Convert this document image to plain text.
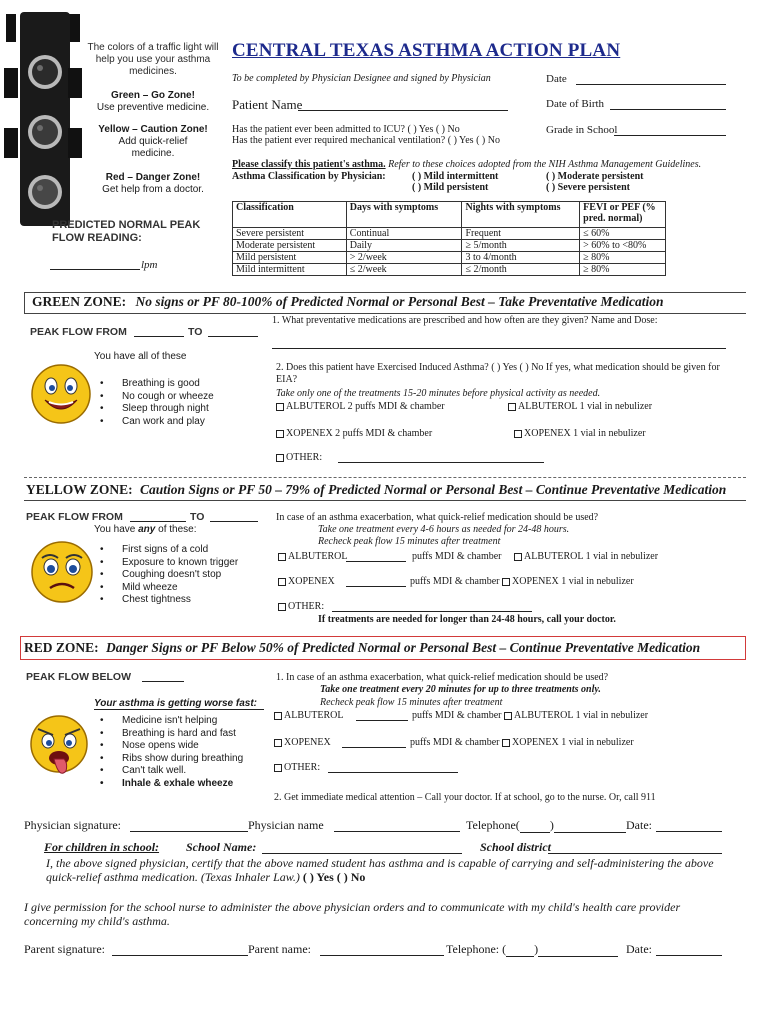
The colors of a traffic light will help you use your asthma medicines.
Green – Go Zone!
Use preventive medicine.
Yellow – Caution Zone!
Add quick-relief medicine.
Red – Danger Zone!
Get help from a doctor.
PREDICTED NORMAL PEAK FLOW READING:
lpm
CENTRAL TEXAS ASTHMA ACTION PLAN
To be completed by Physician Designee and signed by Physician	Date
Patient Name	Date of Birth
Has the patient ever been admitted to ICU? ( ) Yes ( ) No
Has the patient ever required mechanical ventilation? ( ) Yes ( ) No
Grade in School
Please classify this patient's asthma. Refer to these choices adopted from the NIH Asthma Management Guidelines.
Asthma Classification by Physician:	( ) Mild intermittent
( ) Mild persistent
( ) Moderate persistent
( ) Severe persistent
Classification	Days with symptoms	Nights with symptoms	FEVI or PEF (% pred. normal)
Severe persistent	Continual	Frequent	≤ 60%
Moderate persistent	Daily	≥ 5/month	> 60% to <80%
Mild persistent	> 2/week	3 to 4/month	≥ 80%
Mild intermittent	≤ 2/week	≤ 2/month	≥ 80%
GREEN ZONE: No signs or PF 80-100% of Predicted Normal or Personal Best – Take Preventative Medication
PEAK FLOW FROM	TO
1. What preventative medications are prescribed and how often are they given? Name and Dose:
You have all of these
• Breathing is good
• No cough or wheeze
• Sleep through night
• Can work and play
2. Does this patient have Exercised Induced Asthma? ( ) Yes ( ) No If yes, what medication should be given for EIA?
Take only one of the treatments 15-20 minutes before physical activity as needed.
ALBUTEROL 2 puffs MDI & chamber	ALBUTEROL 1 vial in nebulizer
XOPENEX 2 puffs MDI & chamber	XOPENEX 1 vial in nebulizer
OTHER:
YELLOW ZONE: Caution Signs or PF 50 – 79% of Predicted Normal or Personal Best – Continue Preventative Medication
PEAK FLOW FROM	TO
You have any of these:
• First signs of a cold
• Exposure to known trigger
• Coughing doesn't stop
• Mild wheeze
• Chest tightness
In case of an asthma exacerbation, what quick-relief medication should be used?
Take one treatment every 4-6 hours as needed for 24-48 hours.
Recheck peak flow 15 minutes after treatment
ALBUTEROL	puffs MDI & chamber	ALBUTEROL 1 vial in nebulizer
XOPENEX	puffs MDI & chamber XOPENEX 1 vial in nebulizer
OTHER:
If treatments are needed for longer than 24-48 hours, call your doctor.
RED ZONE: Danger Signs or PF Below 50% of Predicted Normal or Personal Best – Continue Preventative Medication
PEAK FLOW BELOW
Your asthma is getting worse fast:
• Medicine isn't helping
• Breathing is hard and fast
• Nose opens wide
• Ribs show during breathing
• Can't talk well.
• Inhale & exhale wheeze
1. In case of an asthma exacerbation, what quick-relief medication should be used?
Take one treatment every 20 minutes for up to three treatments only.
Recheck peak flow 15 minutes after treatment
ALBUTEROL	puffs MDI & chamber ALBUTEROL 1 vial in nebulizer
XOPENEX	puffs MDI & chamber XOPENEX 1 vial in nebulizer
OTHER:
2. Get immediate medical attention – Call your doctor. If at school, go to the nurse. Or, call 911
Physician signature:	Physician name	Telephone(	)	Date:
For children in school: School Name:	School district
I, the above signed physician, certify that the above named student has asthma and is capable of carrying and self-administering the above quick-relief asthma medication. (Texas Inhaler Law.) ( ) Yes ( ) No
I give permission for the school nurse to administer the above physician orders and to communicate with my child's health care provider concerning my child's asthma.
Parent signature:	Parent name:	Telephone: ( )	Date:
